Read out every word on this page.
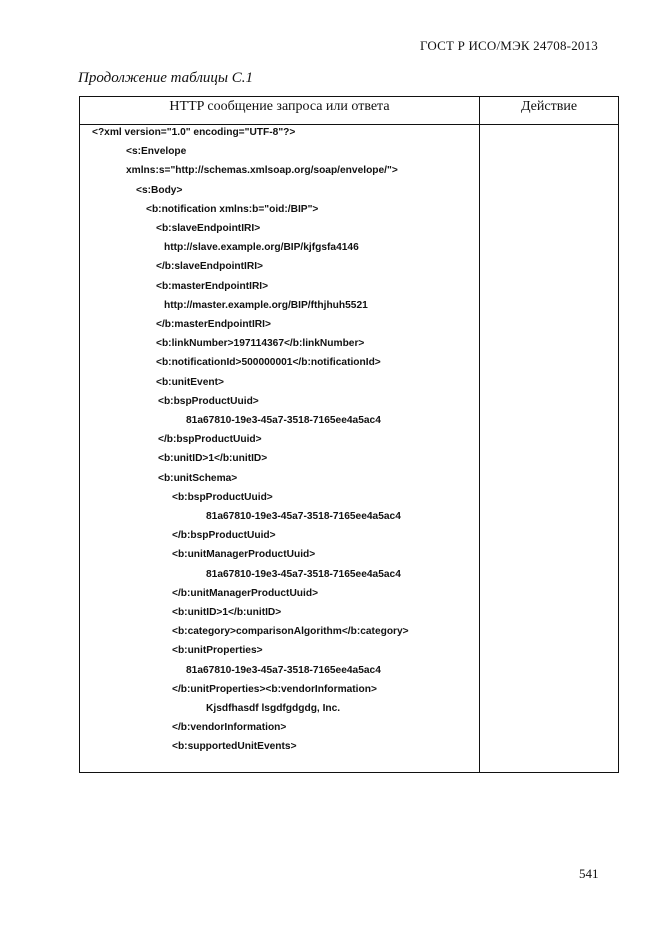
ГОСТ Р ИСО/МЭК 24708-2013
Продолжение таблицы С.1
HTTP сообщение запроса или ответа	Действие
<?xml version="1.0" encoding="UTF-8"?>
<s:Envelope
xmlns:s="http://schemas.xmlsoap.org/soap/envelope/">
<s:Body>
<b:notification xmlns:b="oid:/BIP">
<b:slaveEndpointIRI>
http://slave.example.org/BIP/kjfgsfa4146
</b:slaveEndpointIRI>
<b:masterEndpointIRI>
http://master.example.org/BIP/fthjhuh5521
</b:masterEndpointIRI>
<b:linkNumber>197114367</b:linkNumber>
<b:notificationId>500000001</b:notificationId>
<b:unitEvent>
<b:bspProductUuid>
81a67810-19e3-45a7-3518-7165ee4a5ac4
</b:bspProductUuid>
<b:unitID>1</b:unitID>
<b:unitSchema>
<b:bspProductUuid>
81a67810-19e3-45a7-3518-7165ee4a5ac4
</b:bspProductUuid>
<b:unitManagerProductUuid>
81a67810-19e3-45a7-3518-7165ee4a5ac4
</b:unitManagerProductUuid>
<b:unitID>1</b:unitID>
<b:category>comparisonAlgorithm</b:category>
<b:unitProperties>
81a67810-19e3-45a7-3518-7165ee4a5ac4
</b:unitProperties><b:vendorInformation>
Kjsdfhasdf lsgdfgdgdg, Inc.
</b:vendorInformation>
<b:supportedUnitEvents>
541
